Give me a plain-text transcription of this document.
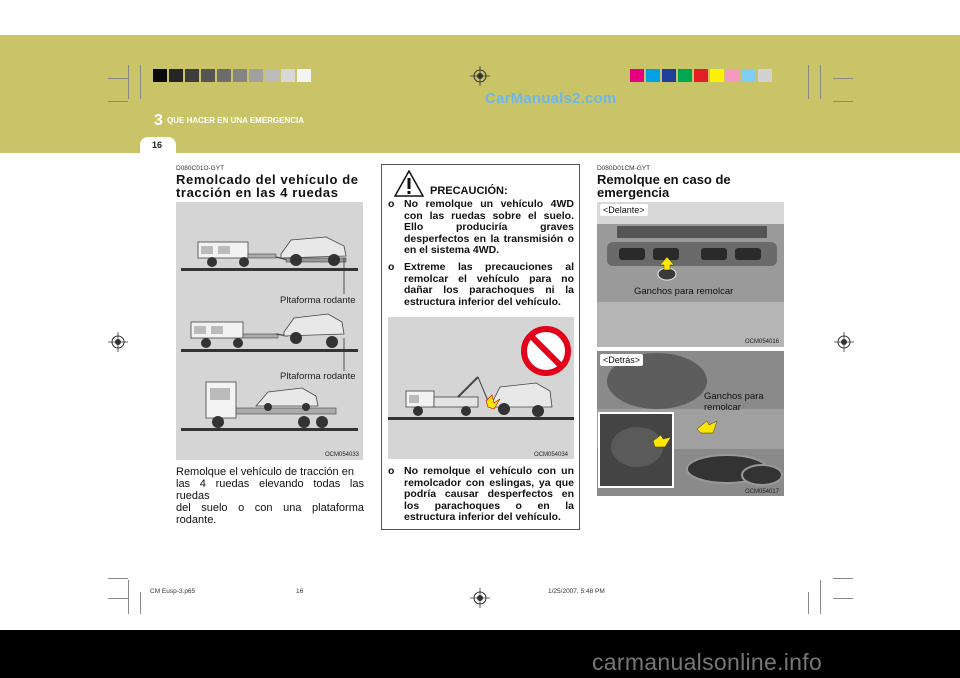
CarManuals2.com
3 QUE HACER EN UNA EMERGENCIA
16
D080C01O-GYT
Remolcado del vehículo de
tracción en las 4 ruedas
Pltaforma rodante
Pltaforma rodante
OCM054033
Remolque el vehículo de tracción en
las 4 ruedas elevando todas las ruedas
del suelo o con una plataforma rodante.
PRECAUCIÓN:
o No remolque un vehículo 4WD con las ruedas sobre el suelo. Ello produciría graves desperfectos en la transmisión o en el sistema 4WD.
o Extreme las precauciones al remolcar el vehículo para no dañar los parachoques ni la estructura inferior del vehículo.
OCM054034
o No remolque el vehículo con un remolcador con eslingas, ya que podría causar desperfectos en los parachoques o en la estructura inferior del vehículo.
D080D01CM-GYT
Remolque en caso de
emergencia
<Delante>
Ganchos para remolcar
OCM054016
<Detrás>
Ganchos para
remolcar
OCM054017
CM Eusp-3.p65	16	1/25/2007, 5:48 PM
carmanualsonline.info
